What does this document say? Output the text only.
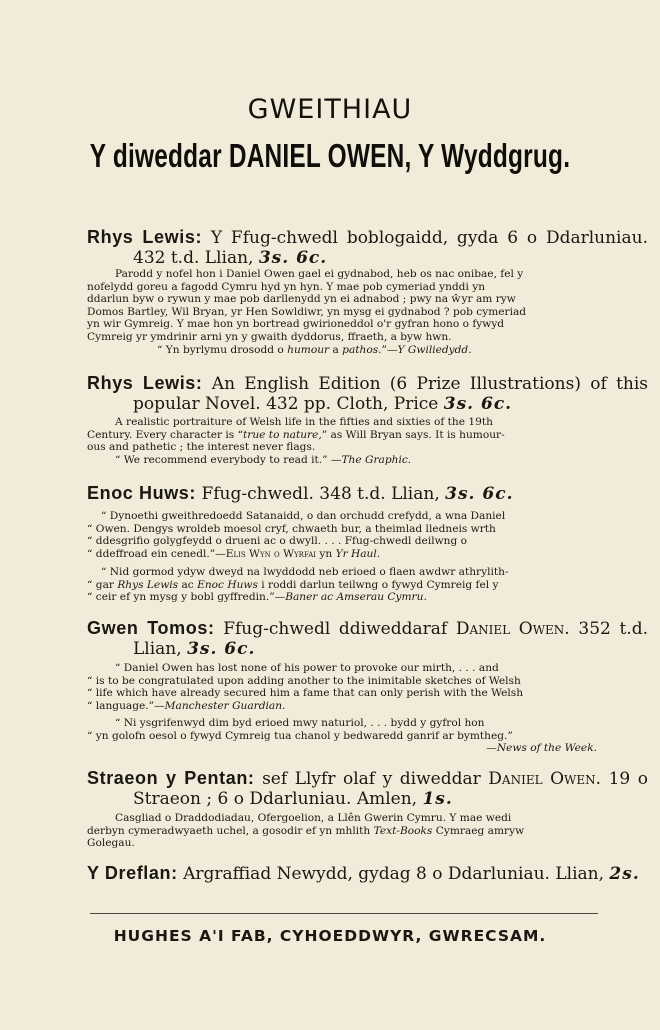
GWEITHIAU
Y diweddar DANIEL OWEN, Y Wyddgrug.
Rhys Lewis: Y Ffug-chwedl boblogaidd, gyda 6 o Ddarluniau. 432 t.d. Llian, 3s. 6c.
Parodd y nofel hon i Daniel Owen gael ei gydnabod, heb os nac onibae, fel y
nofelydd goreu a fagodd Cymru hyd yn hyn. Y mae pob cymeriad ynddi yn
ddarlun byw o rywun y mae pob darllenydd yn ei adnabod ; pwy na ŵyr am ryw
Domos Bartley, Wil Bryan, yr Hen Sowldiwr, yn mysg ei gydnabod ? pob cymeriad
yn wir Gymreig. Y mae hon yn bortread gwirioneddol o'r gyfran hono o fywyd
Cymreig yr ymdrinir arni yn y gwaith dyddorus, ffraeth, a byw hwn.
“ Yn byrlymu drosodd o humour a pathos.”—Y Gwiliedydd.
Rhys Lewis: An English Edition (6 Prize Illustrations) of this popular Novel. 432 pp. Cloth, Price 3s. 6c.
A realistic portraiture of Welsh life in the fifties and sixties of the 19th
Century. Every character is “true to nature,” as Will Bryan says. It is humour-
ous and pathetic ; the interest never flags.
“ We recommend everybody to read it.” —The Graphic.
Enoc Huws: Ffug-chwedl. 348 t.d. Llian, 3s. 6c.
“ Dynoethi gweithredoedd Satanaidd, o dan orchudd crefydd, a wna Daniel
“ Owen. Dengys wroldeb moesol cryf, chwaeth bur, a theimlad lledneis wrth
“ ddesgrifio golygfeydd o drueni ac o dwyll. . . . Ffug-chwedl deilwng o
“ ddeffroad ein cenedl.”—Elis Wyn o Wyrfai yn Yr Haul.
“ Nid gormod ydyw dweyd na lwyddodd neb erioed o flaen awdwr athrylith-
“ gar Rhys Lewis ac Enoc Huws i roddi darlun teilwng o fywyd Cymreig fel y
“ ceir ef yn mysg y bobl gyffredin.”—Baner ac Amserau Cymru.
Gwen Tomos: Ffug-chwedl ddiweddaraf Daniel Owen. 352 t.d. Llian, 3s. 6c.
“ Daniel Owen has lost none of his power to provoke our mirth, . . . and
“ is to be congratulated upon adding another to the inimitable sketches of Welsh
“ life which have already secured him a fame that can only perish with the Welsh
“ language.”—Manchester Guardian.
“ Ni ysgrifenwyd dim byd erioed mwy naturiol, . . . bydd y gyfrol hon
“ yn golofn oesol o fywyd Cymreig tua chanol y bedwaredd ganrif ar bymtheg.”
—News of the Week.
Straeon y Pentan: sef Llyfr olaf y diweddar Daniel Owen. 19 o Straeon ; 6 o Ddarluniau. Amlen, 1s.
Casgliad o Draddodiadau, Ofergoelion, a Llên Gwerin Cymru. Y mae wedi
derbyn cymeradwyaeth uchel, a gosodir ef yn mhlith Text-Books Cymraeg amryw
Golegau.
Y Dreflan: Argraffiad Newydd, gydag 8 o Ddarluniau. Llian, 2s.
HUGHES A'I FAB, CYHOEDDWYR, GWRECSAM.
